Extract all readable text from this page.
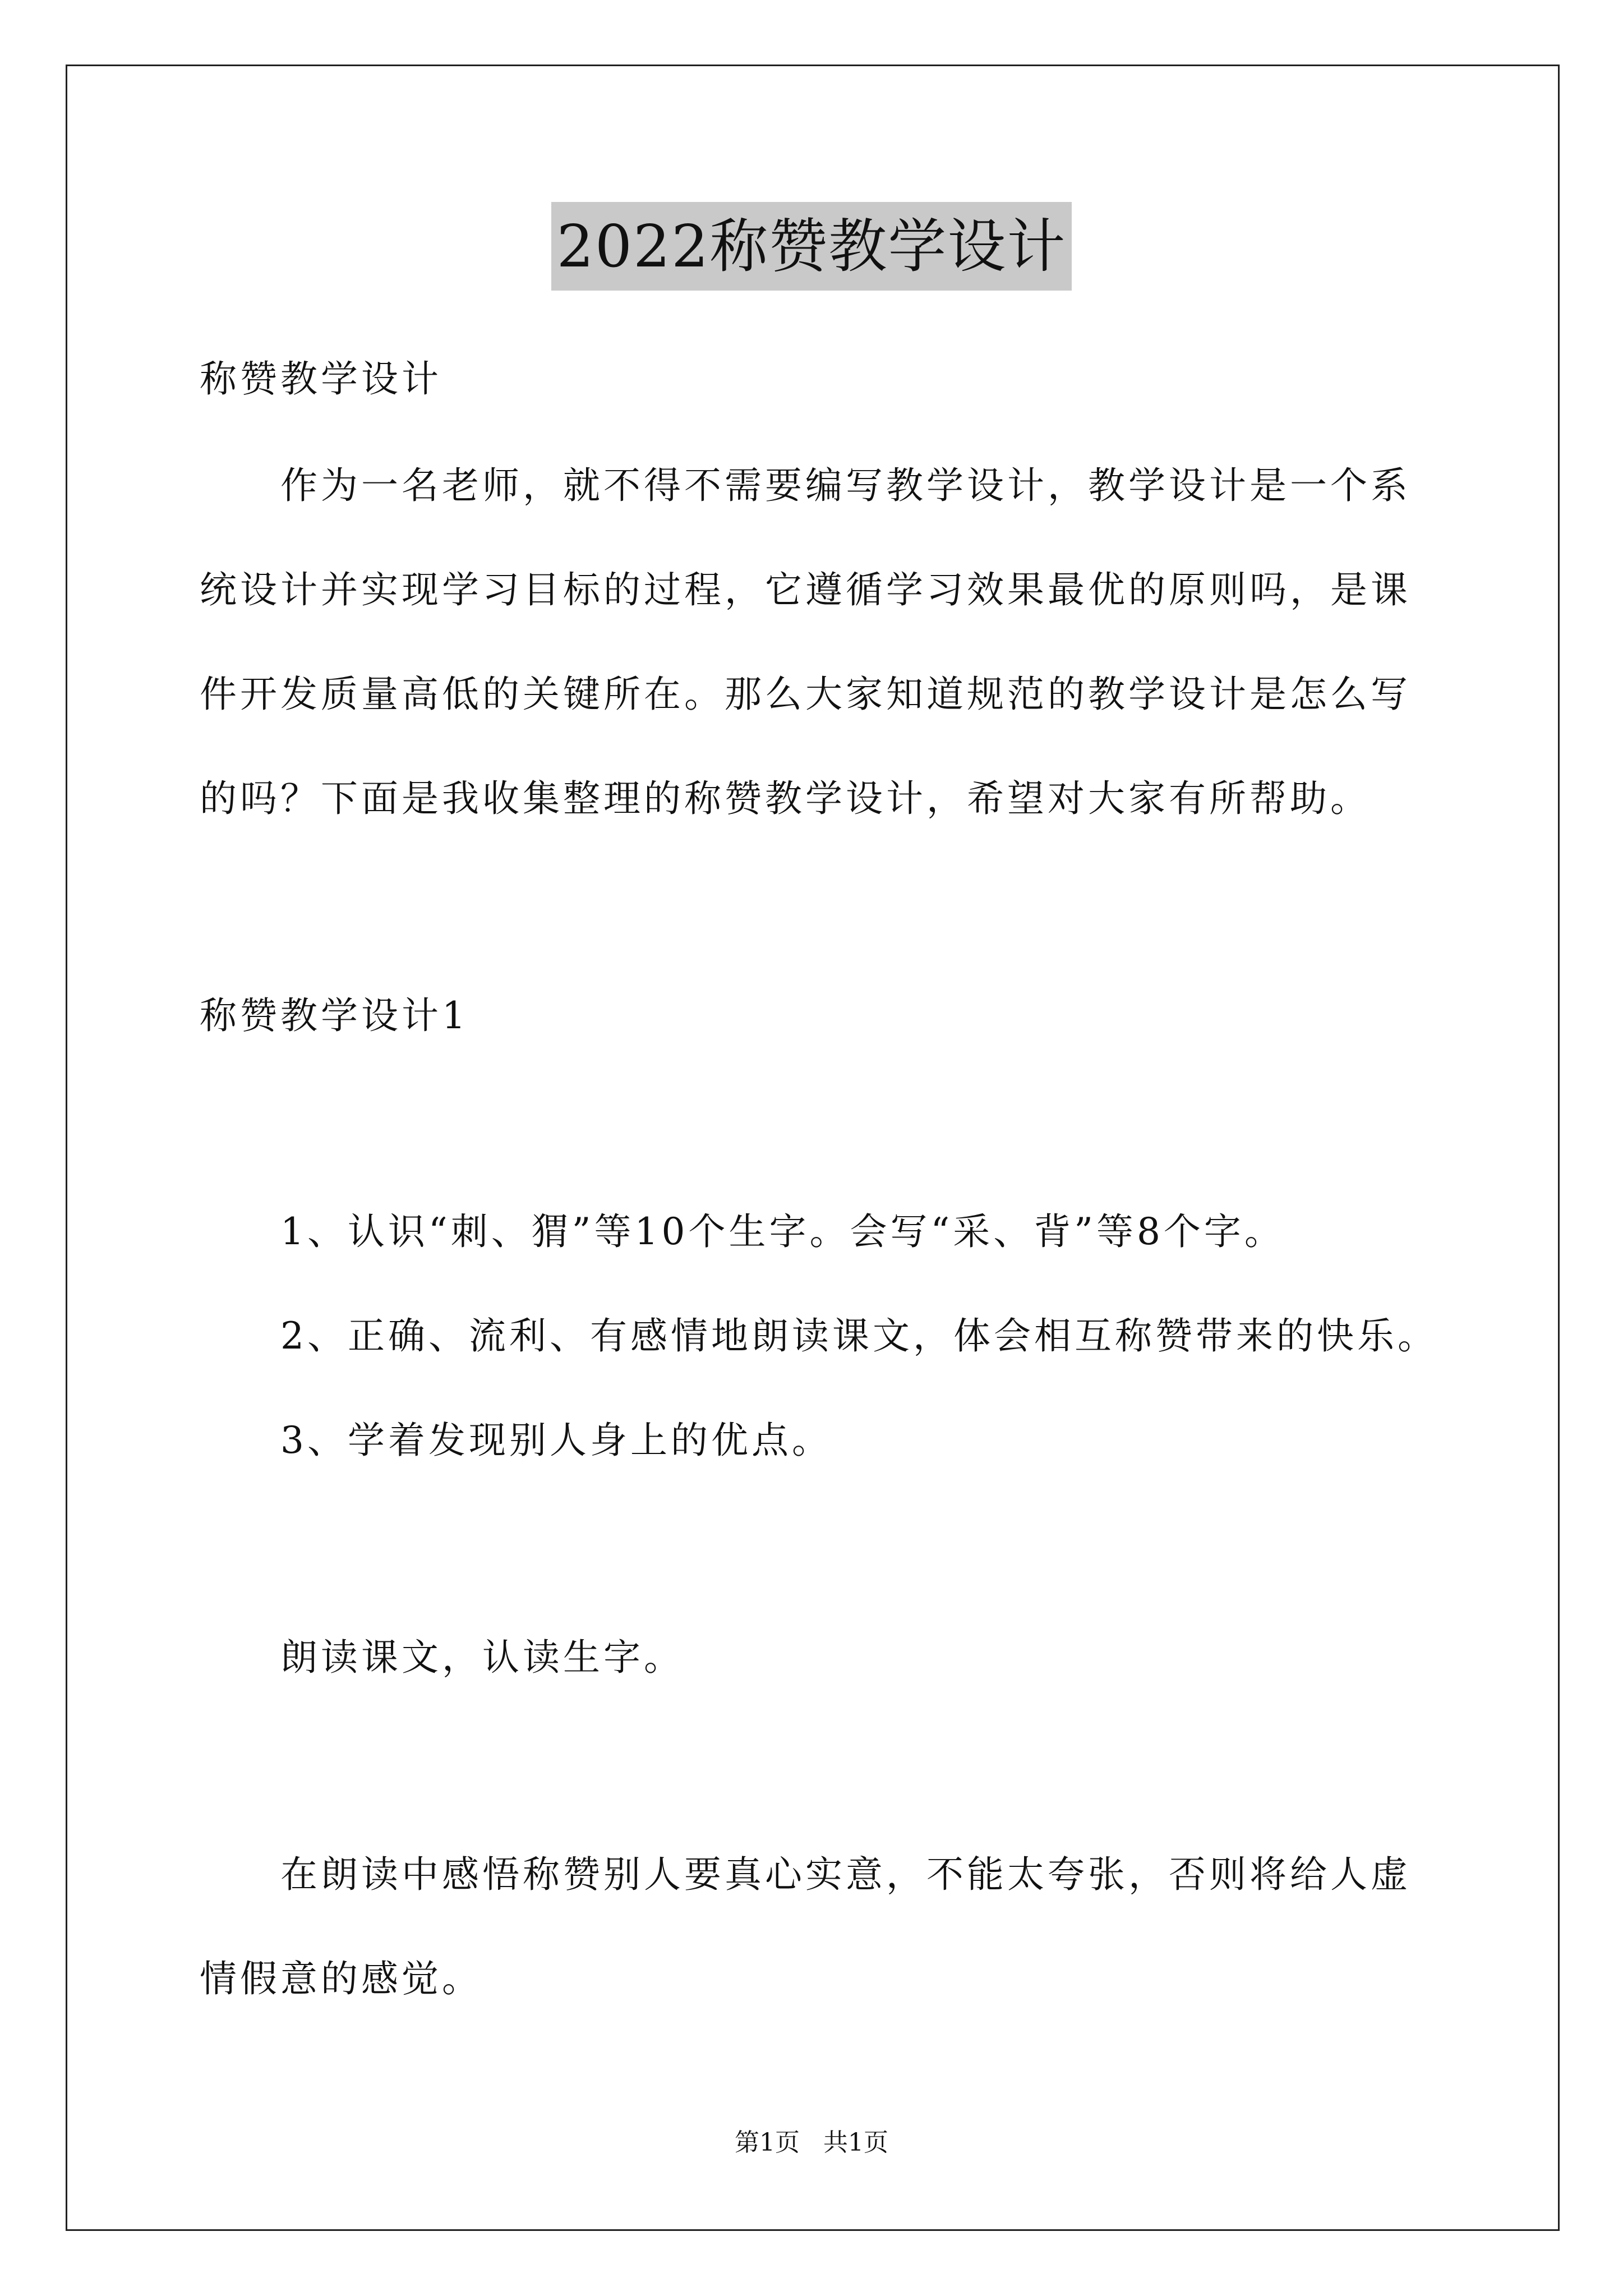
2022称赞教学设计
称赞教学设计
作为一名老师，就不得不需要编写教学设计，教学设计是一个系
统设计并实现学习目标的过程，它遵循学习效果最优的原则吗，是课
件开发质量高低的关键所在。那么大家知道规范的教学设计是怎么写
的吗？下面是我收集整理的称赞教学设计，希望对大家有所帮助。
称赞教学设计1
1、认识“刺、猬”等10个生字。会写“采、背”等8个字。
2、正确、流利、有感情地朗读课文，体会相互称赞带来的快乐。
3、学着发现别人身上的优点。
朗读课文，认读生字。
在朗读中感悟称赞别人要真心实意，不能太夸张，否则将给人虚
情假意的感觉。
第1页   共1页
